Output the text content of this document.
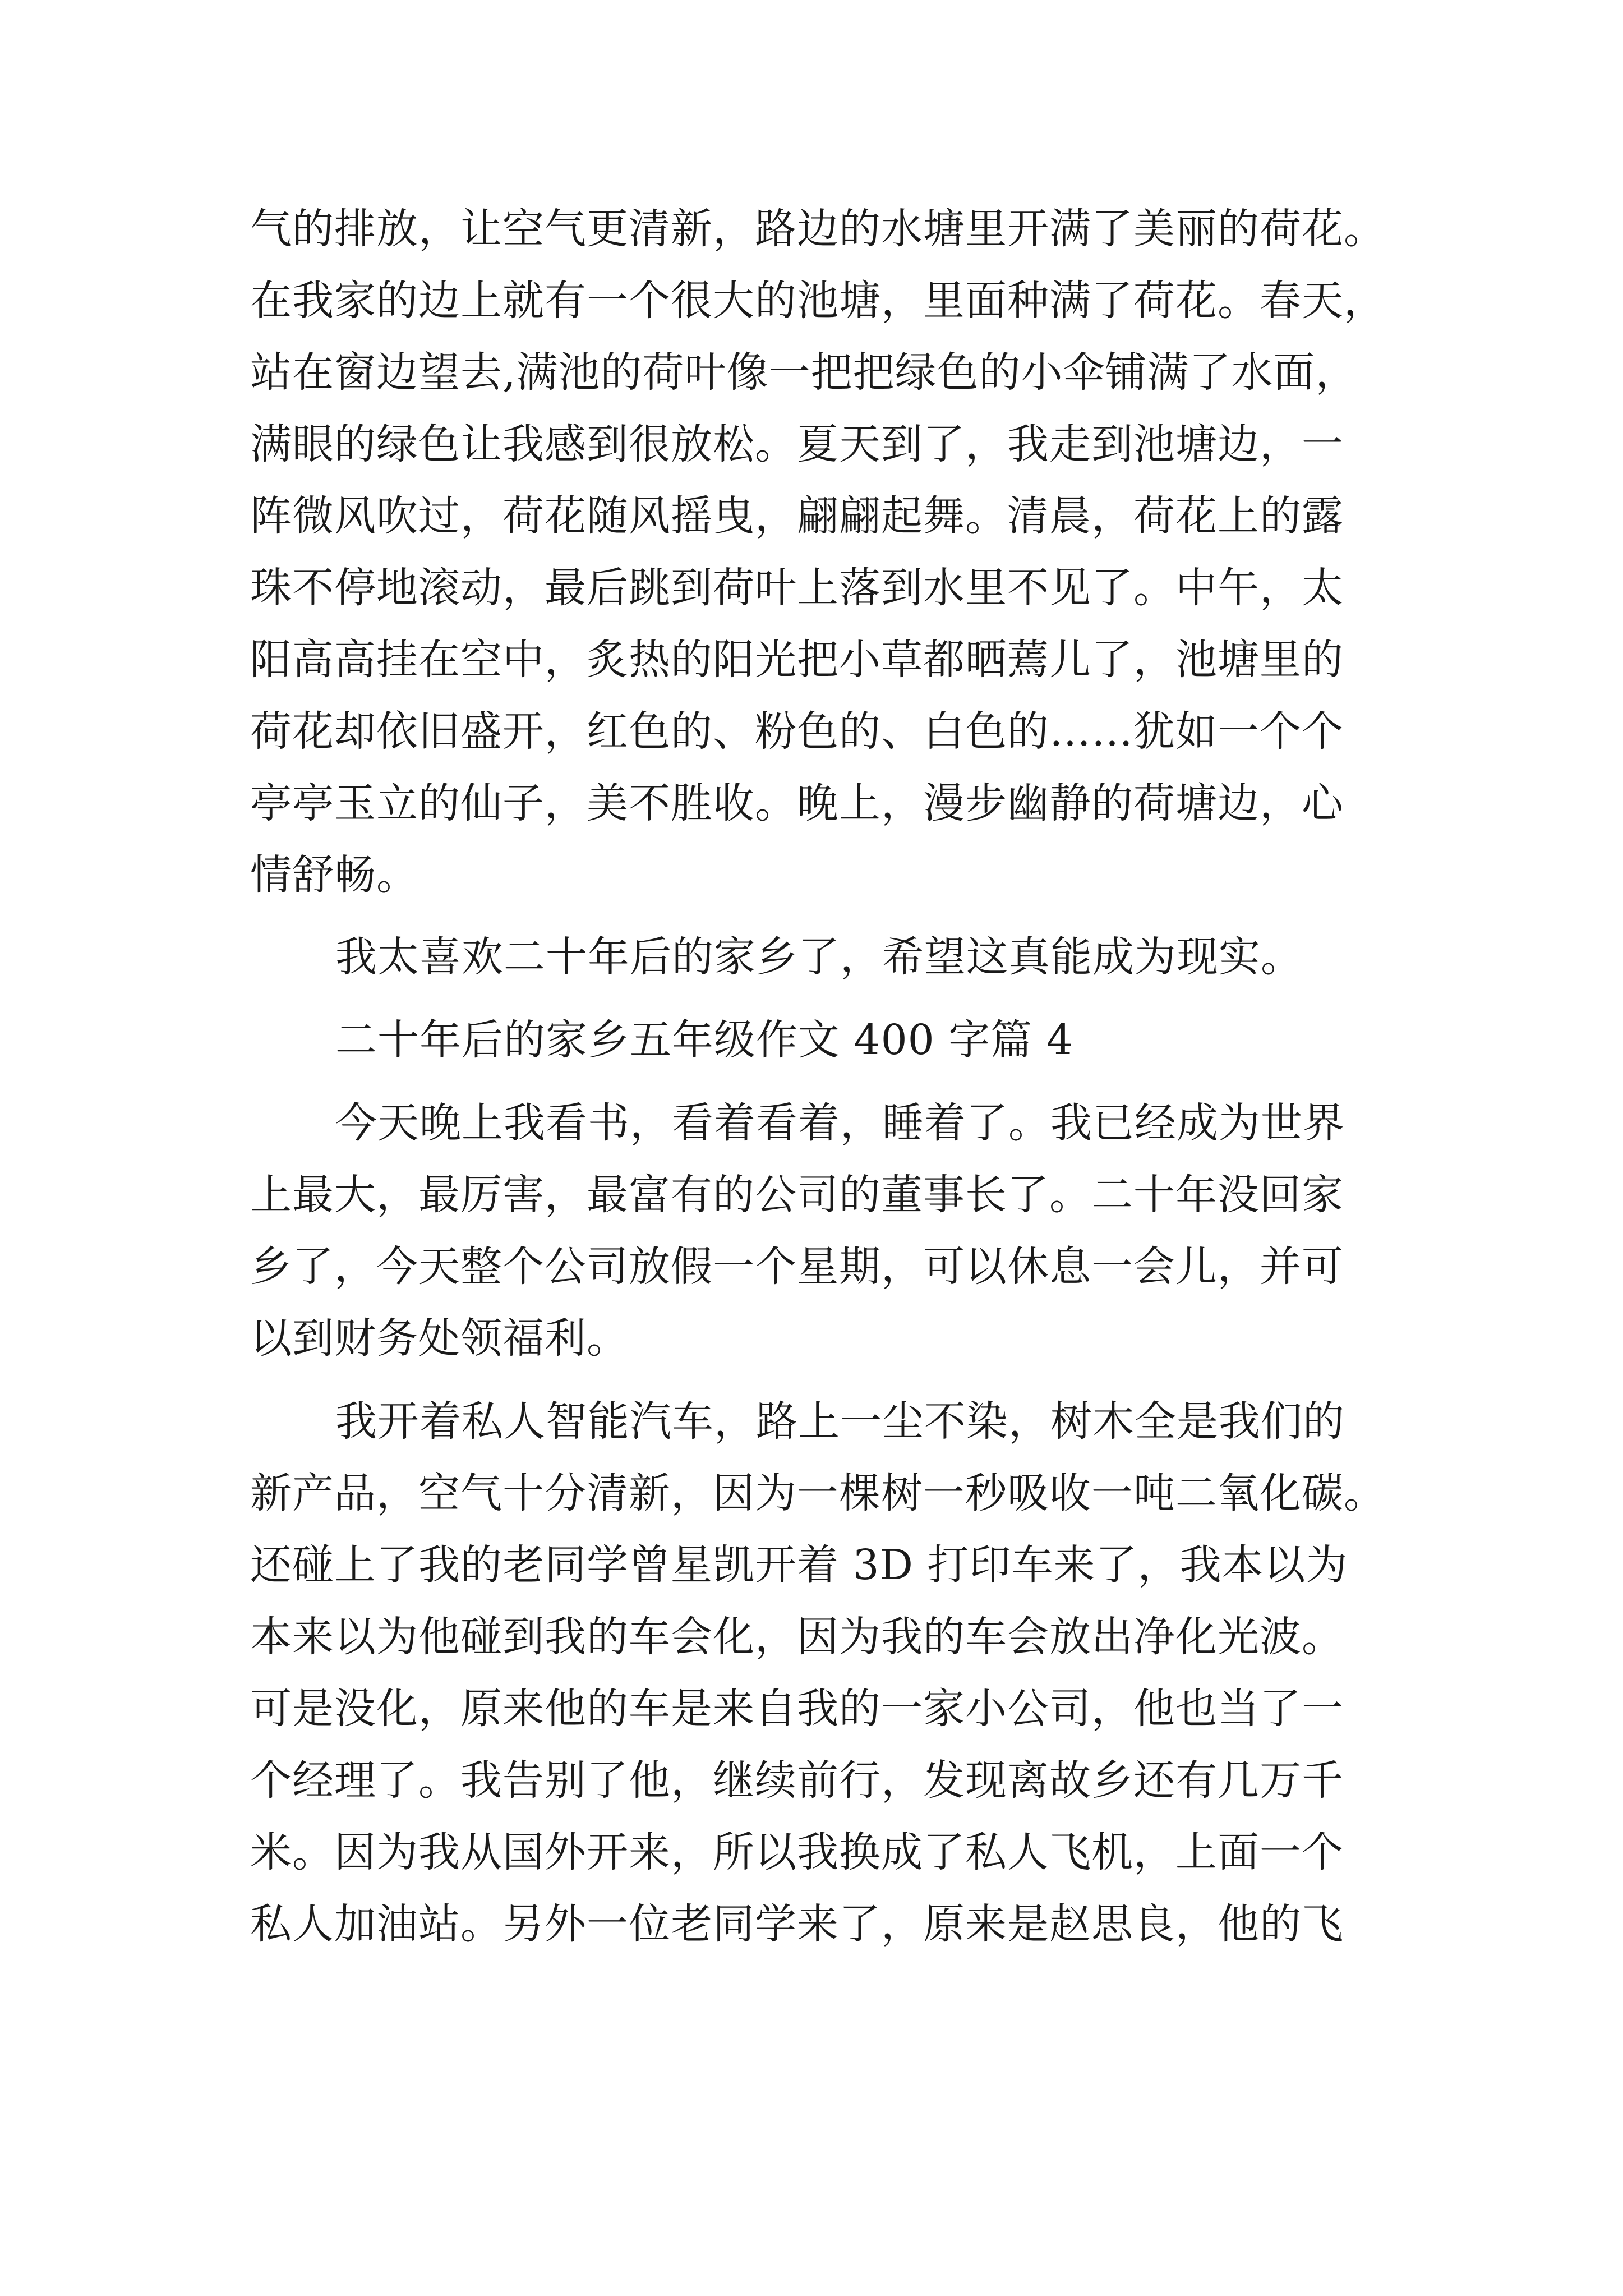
气的排放，让空气更清新，路边的水塘里开满了美丽的荷花。
在我家的边上就有一个很大的池塘，里面种满了荷花。春天，
站在窗边望去,满池的荷叶像一把把绿色的小伞铺满了水面，
满眼的绿色让我感到很放松。夏天到了，我走到池塘边，一
阵微风吹过，荷花随风摇曳，翩翩起舞。清晨，荷花上的露
珠不停地滚动，最后跳到荷叶上落到水里不见了。中午，太
阳高高挂在空中，炙热的阳光把小草都晒蔫儿了，池塘里的
荷花却依旧盛开，红色的、粉色的、白色的……犹如一个个
亭亭玉立的仙子，美不胜收。晚上，漫步幽静的荷塘边，心
情舒畅。
我太喜欢二十年后的家乡了，希望这真能成为现实。
二十年后的家乡五年级作文 400 字篇 4
今天晚上我看书，看着看着，睡着了。我已经成为世界
上最大，最厉害，最富有的公司的董事长了。二十年没回家
乡了，今天整个公司放假一个星期，可以休息一会儿，并可
以到财务处领福利。
我开着私人智能汽车，路上一尘不染，树木全是我们的
新产品，空气十分清新，因为一棵树一秒吸收一吨二氧化碳。
还碰上了我的老同学曾星凯开着 3D 打印车来了，我本以为
本来以为他碰到我的车会化，因为我的车会放出净化光波。
可是没化，原来他的车是来自我的一家小公司，他也当了一
个经理了。我告别了他，继续前行，发现离故乡还有几万千
米。因为我从国外开来，所以我换成了私人飞机，上面一个
私人加油站。另外一位老同学来了，原来是赵思良，他的飞
